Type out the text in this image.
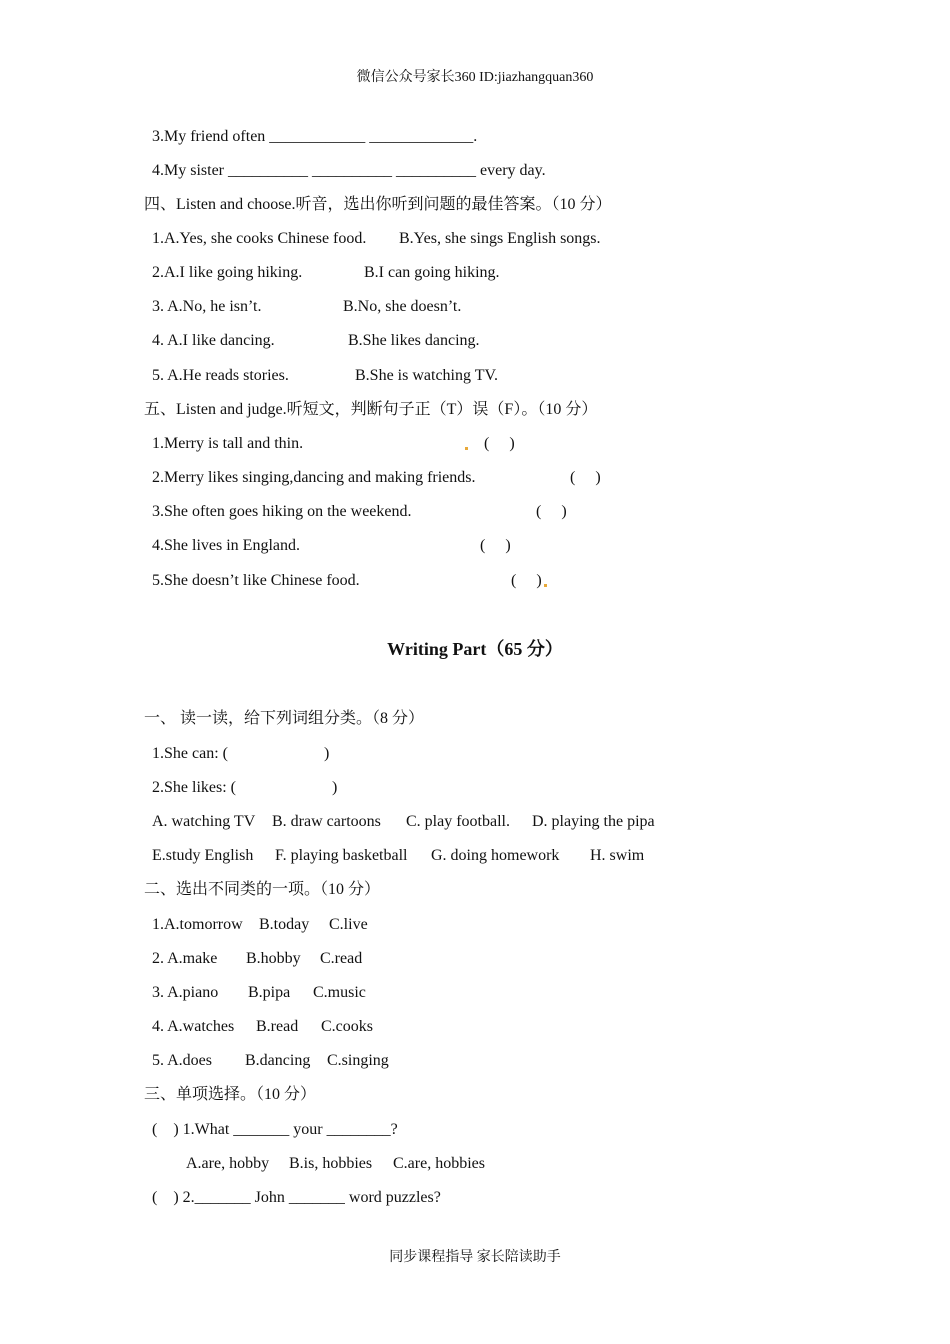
微信公众号家长360 ID:jiazhangquan360
3.My friend often ____________ _____________.
4.My sister __________ __________ __________ every day.
四、Listen and choose.听音，选出你听到问题的最佳答案。（10 分）
1.A.Yes, she cooks Chinese food. B.Yes, she sings English songs.
2.A.I like going hiking.	B.I can going hiking.
3. A.No, he isn’t.	B.No, she doesn’t.
4. A.I like dancing.	B.She likes dancing.
5. A.He reads stories.	B.She is watching TV.
五、Listen and judge.听短文，判断句子正（T）误（F）。（10 分）
1.Merry is tall and thin.	(     )
2.Merry likes singing,dancing and making friends.	(     )
3.She often goes hiking on the weekend.	(     )
4.She lives in England.	(     )
5.She doesn’t like Chinese food.	(     )
Writing Part（65 分）
一、 读一读，给下列词组分类。（8 分）
1.She can: (                        )
2.She likes: (                        )
A. watching TV B. draw cartoons C. play football. D. playing the pipa
E.study English F. playing basketball G. doing homework H. swim
二、选出不同类的一项。（10 分）
1.A.tomorrow B.today C.live
2. A.make B.hobby C.read
3. A.piano B.pipa C.music
4. A.watches B.read C.cooks
5. A.does B.dancing C.singing
三、单项选择。（10 分）
(    ) 1.What _______ your ________?
A.are, hobby B.is, hobbies C.are, hobbies
(    ) 2._______ John _______ word puzzles?
同步课程指导 家长陪读助手
